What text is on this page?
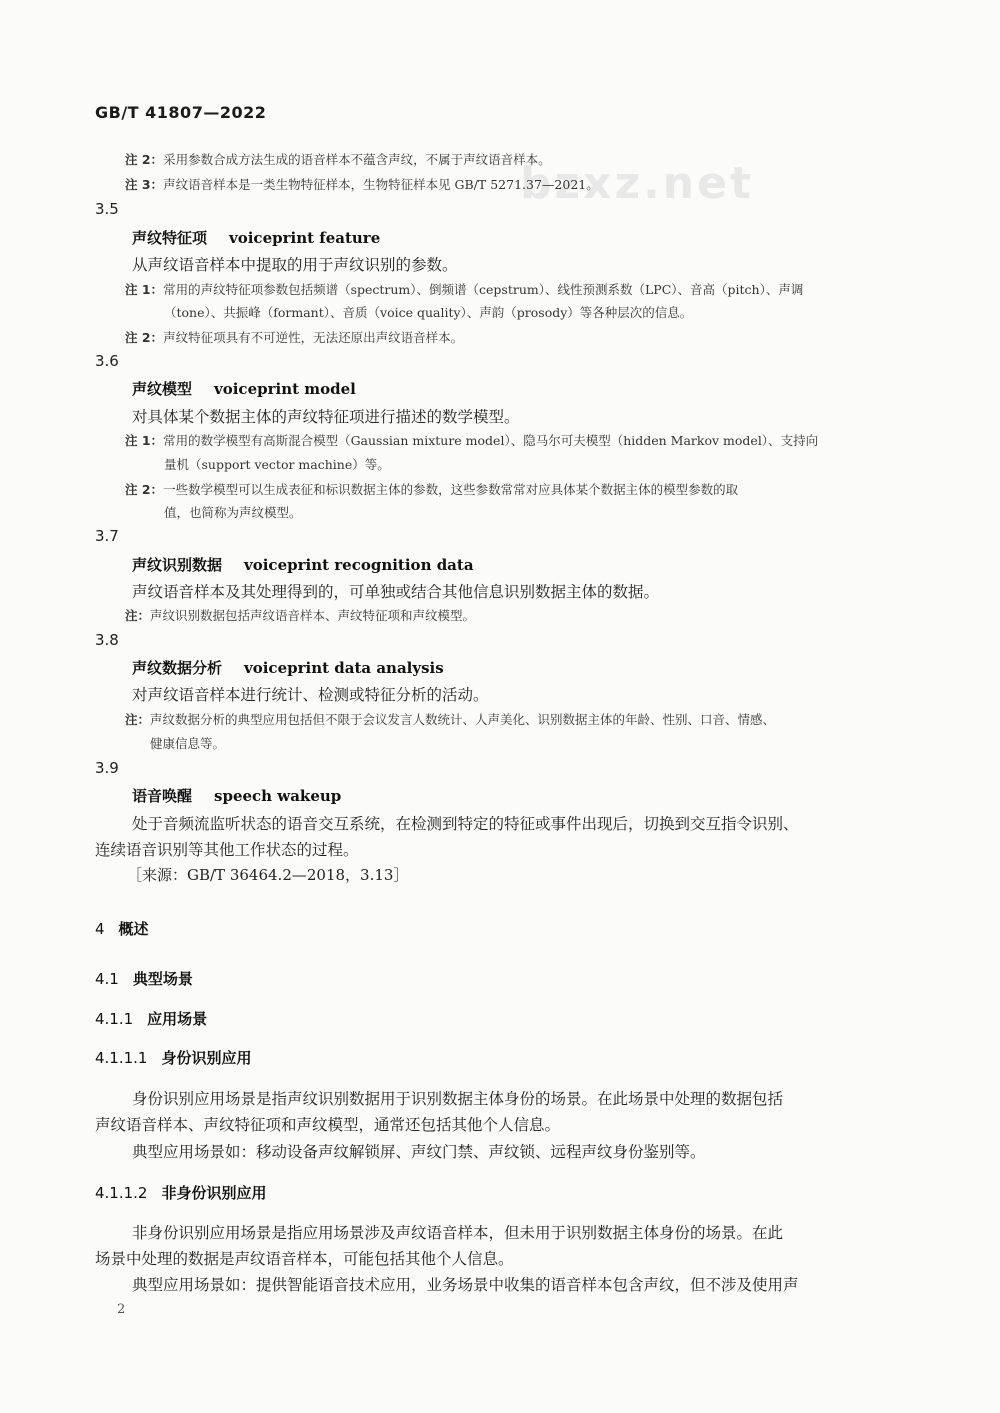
GB/T 41807—2022
bzxz.net
注 2：采用参数合成方法生成的语音样本不蕴含声纹，不属于声纹语音样本。
注 3：声纹语音样本是一类生物特征样本，生物特征样本见 GB/T 5271.37—2021。
3.5
声纹特征项 voiceprint feature
从声纹语音样本中提取的用于声纹识别的参数。
注 1：常用的声纹特征项参数包括频谱（spectrum）、倒频谱（cepstrum）、线性预测系数（LPC）、音高（pitch）、声调
（tone）、共振峰（formant）、音质（voice quality）、声韵（prosody）等各种层次的信息。
注 2：声纹特征项具有不可逆性，无法还原出声纹语音样本。
3.6
声纹模型 voiceprint model
对具体某个数据主体的声纹特征项进行描述的数学模型。
注 1：常用的数学模型有高斯混合模型（Gaussian mixture model）、隐马尔可夫模型（hidden Markov model）、支持向
量机（support vector machine）等。
注 2：一些数学模型可以生成表征和标识数据主体的参数，这些参数常常对应具体某个数据主体的模型参数的取
值，也简称为声纹模型。
3.7
声纹识别数据 voiceprint recognition data
声纹语音样本及其处理得到的，可单独或结合其他信息识别数据主体的数据。
注：声纹识别数据包括声纹语音样本、声纹特征项和声纹模型。
3.8
声纹数据分析 voiceprint data analysis
对声纹语音样本进行统计、检测或特征分析的活动。
注：声纹数据分析的典型应用包括但不限于会议发言人数统计、人声美化、识别数据主体的年龄、性别、口音、情感、
健康信息等。
3.9
语音唤醒 speech wakeup
处于音频流监听状态的语音交互系统，在检测到特定的特征或事件出现后，切换到交互指令识别、
连续语音识别等其他工作状态的过程。
［来源：GB/T 36464.2—2018，3.13］
4 概述
4.1 典型场景
4.1.1 应用场景
4.1.1.1 身份识别应用
身份识别应用场景是指声纹识别数据用于识别数据主体身份的场景。在此场景中处理的数据包括
声纹语音样本、声纹特征项和声纹模型，通常还包括其他个人信息。
典型应用场景如：移动设备声纹解锁屏、声纹门禁、声纹锁、远程声纹身份鉴别等。
4.1.1.2 非身份识别应用
非身份识别应用场景是指应用场景涉及声纹语音样本，但未用于识别数据主体身份的场景。在此
场景中处理的数据是声纹语音样本，可能包括其他个人信息。
典型应用场景如：提供智能语音技术应用，业务场景中收集的语音样本包含声纹，但不涉及使用声
2
